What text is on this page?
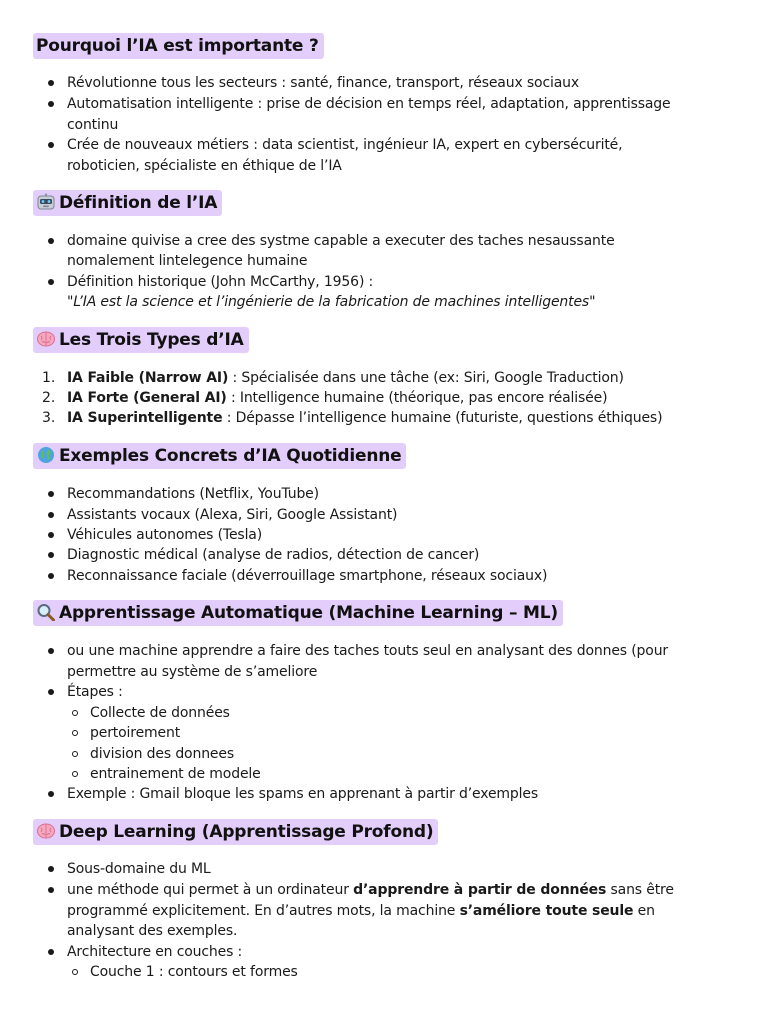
Pourquoi l’IA est importante ?
Révolutionne tous les secteurs : santé, finance, transport, réseaux sociaux
Automatisation intelligente : prise de décision en temps réel, adaptation, apprentissage
continu
Crée de nouveaux métiers : data scientist, ingénieur IA, expert en cybersécurité,
roboticien, spécialiste en éthique de l’IA
Définition de l’IA
domaine quivise a cree des systme capable a executer des taches nesaussante
nomalement lintelegence humaine
Définition historique (John McCarthy, 1956) :
"L’IA est la science et l’ingénierie de la fabrication de machines intelligentes"
Les Trois Types d’IA
1. IA Faible (Narrow AI) : Spécialisée dans une tâche (ex: Siri, Google Traduction)
2. IA Forte (General AI) : Intelligence humaine (théorique, pas encore réalisée)
3. IA Superintelligente : Dépasse l’intelligence humaine (futuriste, questions éthiques)
Exemples Concrets d’IA Quotidienne
Recommandations (Netflix, YouTube)
Assistants vocaux (Alexa, Siri, Google Assistant)
Véhicules autonomes (Tesla)
Diagnostic médical (analyse de radios, détection de cancer)
Reconnaissance faciale (déverrouillage smartphone, réseaux sociaux)
Apprentissage Automatique (Machine Learning – ML)
ou une machine apprendre a faire des taches touts seul en analysant des donnes (pour
permettre au système de s’ameliore
Étapes :
Collecte de données
pertoirement
division des donnees
entrainement de modele
Exemple : Gmail bloque les spams en apprenant à partir d’exemples
Deep Learning (Apprentissage Profond)
Sous-domaine du ML
une méthode qui permet à un ordinateur d’apprendre à partir de données sans être
programmé explicitement. En d’autres mots, la machine s’améliore toute seule en
analysant des exemples.
Architecture en couches :
Couche 1 : contours et formes
